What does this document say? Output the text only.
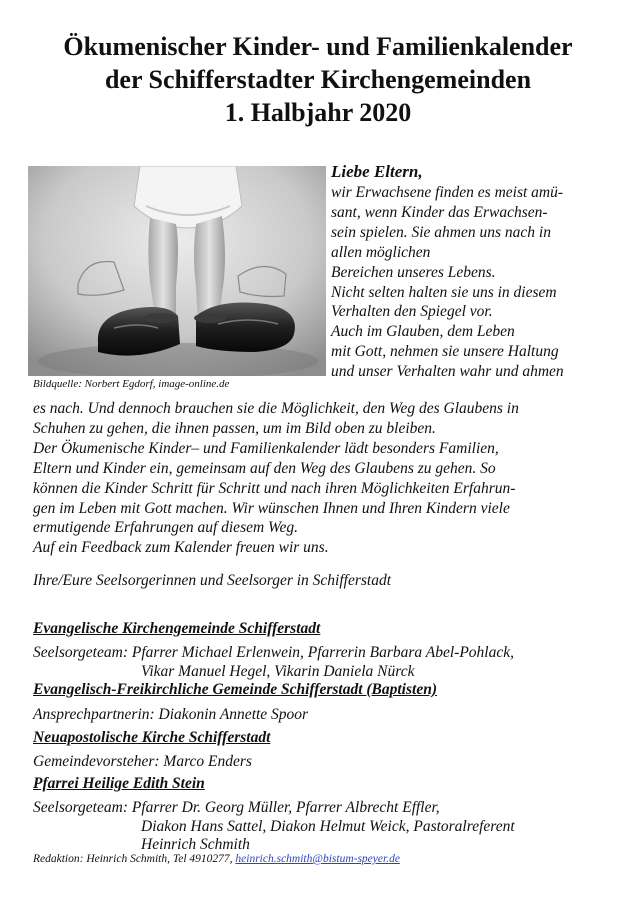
Ökumenischer Kinder- und Familienkalender
der Schifferstadter Kirchengemeinden
1. Halbjahr 2020
Bildquelle: Norbert Egdorf, image-online.de
Liebe Eltern,
wir Erwachsene finden es meist amü-
sant, wenn Kinder das Erwachsen-
sein spielen. Sie ahmen uns nach in
allen möglichen
Bereichen unseres Lebens.
Nicht selten halten sie uns in diesem
Verhalten den Spiegel vor.
Auch im Glauben, dem Leben
mit Gott, nehmen sie unsere Haltung
und unser Verhalten wahr und ahmen
es nach. Und dennoch brauchen sie die Möglichkeit, den Weg des Glaubens in
Schuhen zu gehen, die ihnen passen, um im Bild oben zu bleiben.
Der Ökumenische Kinder– und Familienkalender lädt besonders Familien,
Eltern und Kinder ein, gemeinsam auf den Weg des Glaubens zu gehen. So
können die Kinder Schritt für Schritt und nach ihren Möglichkeiten Erfahrun-
gen im Leben mit Gott machen. Wir wünschen Ihnen und Ihren Kindern viele
ermutigende Erfahrungen auf diesem Weg.
Auf ein Feedback zum Kalender freuen wir uns.
Ihre/Eure Seelsorgerinnen und Seelsorger in Schifferstadt
Evangelische Kirchengemeinde Schifferstadt
Seelsorgeteam: Pfarrer Michael Erlenwein, Pfarrerin Barbara Abel-Pohlack,
Vikar Manuel Hegel, Vikarin Daniela Nürck
Evangelisch-Freikirchliche Gemeinde Schifferstadt (Baptisten)
Ansprechpartnerin: Diakonin Annette Spoor
Neuapostolische Kirche Schifferstadt
Gemeindevorsteher: Marco Enders
Pfarrei Heilige Edith Stein
Seelsorgeteam: Pfarrer Dr. Georg Müller, Pfarrer Albrecht Effler,
Diakon Hans Sattel, Diakon Helmut Weick, Pastoralreferent
Heinrich Schmith
Redaktion: Heinrich Schmith, Tel 4910277, heinrich.schmith@bistum-speyer.de
